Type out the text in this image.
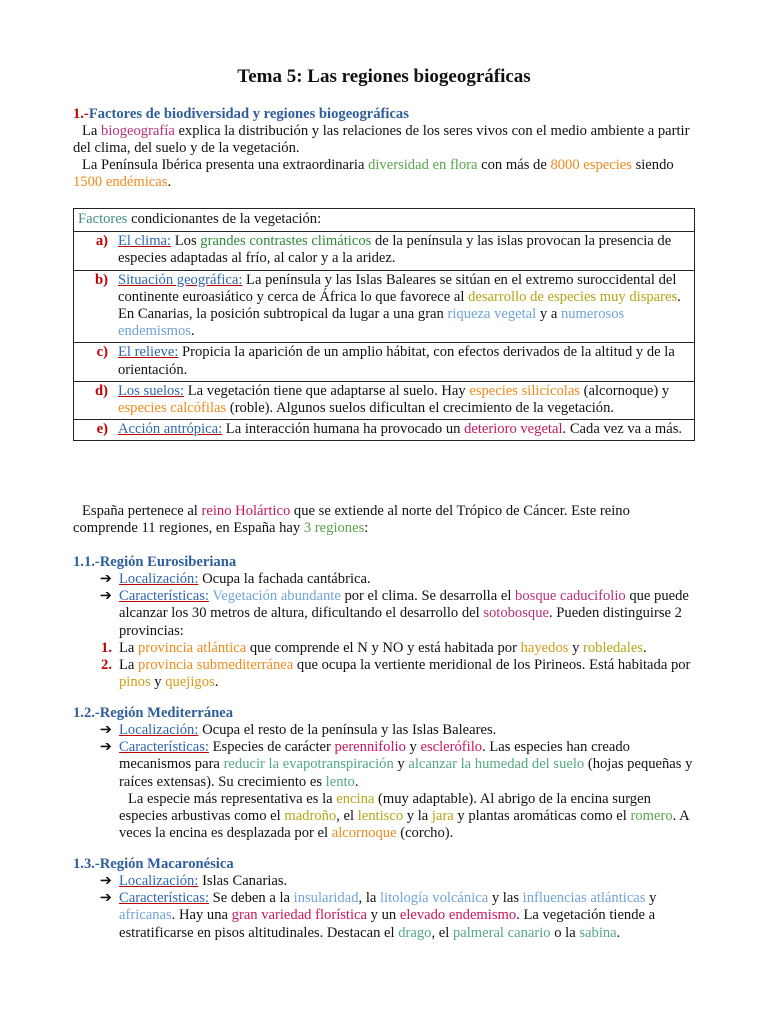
Tema 5: Las regiones biogeográficas
1.-Factores de biodiversidad y regiones biogeográficas

La biogeografía explica la distribución y las relaciones de los seres vivos con el medio ambiente a partir del clima, del suelo y de la vegetación.

La Península Ibérica presenta una extraordinaria diversidad en flora con más de 8000 especies siendo 1500 endémicas.

Factores condicionantes de la vegetación:

a) El clima: Los grandes contrastes climáticos de la península y las islas provocan la presencia de especies adaptadas al frío, al calor y a la aridez.

b) Situación geográfica: La península y las Islas Baleares se sitúan en el extremo suroccidental del continente euroasiático y cerca de África lo que favorece al desarrollo de especies muy dispares. En Canarias, la posición subtropical da lugar a una gran riqueza vegetal y a numerosos endemismos.

c) El relieve: Propicia la aparición de un amplio hábitat, con efectos derivados de la altitud y de la orientación.

d) Los suelos: La vegetación tiene que adaptarse al suelo. Hay especies silicícolas (alcornoque) y especies calcófilas (roble). Algunos suelos dificultan el crecimiento de la vegetación.

e) Acción antrópica: La interacción humana ha provocado un deterioro vegetal. Cada vez va a más.

España pertenece al reino Holártico que se extiende al norte del Trópico de Cáncer. Este reino comprende 11 regiones, en España hay 3 regiones:

1.1.-Región Eurosiberiana
➔ Localización: Ocupa la fachada cantábrica.
➔ Características: Vegetación abundante por el clima. Se desarrolla el bosque caducifolio que puede alcanzar los 30 metros de altura, dificultando el desarrollo del sotobosque. Pueden distinguirse 2 provincias:
1. La provincia atlántica que comprende el N y NO y está habitada por hayedos y robledales.
2. La provincia submediterránea que ocupa la vertiente meridional de los Pirineos. Está habitada por pinos y quejigos.
1.2.-Región Mediterránea
➔ Localización: Ocupa el resto de la península y las Islas Baleares.
➔ Características: Especies de carácter perennifolio y esclerófilo. Las especies han creado mecanismos para reducir la evapotranspiración y alcanzar la humedad del suelo (hojas pequeñas y raíces extensas). Su crecimiento es lento.
La especie más representativa es la encina (muy adaptable). Al abrigo de la encina surgen especies arbustivas como el madroño, el lentisco y la jara y plantas aromáticas como el romero. A veces la encina es desplazada por el alcornoque (corcho).
1.3.-Región Macaronésica
➔ Localización: Islas Canarias.
➔ Características: Se deben a la insularidad, la litología volcánica y las influencias atlánticas y africanas. Hay una gran variedad florística y un elevado endemismo. La vegetación tiende a estratificarse en pisos altitudinales. Destacan el drago, el palmeral canario o la sabina.
